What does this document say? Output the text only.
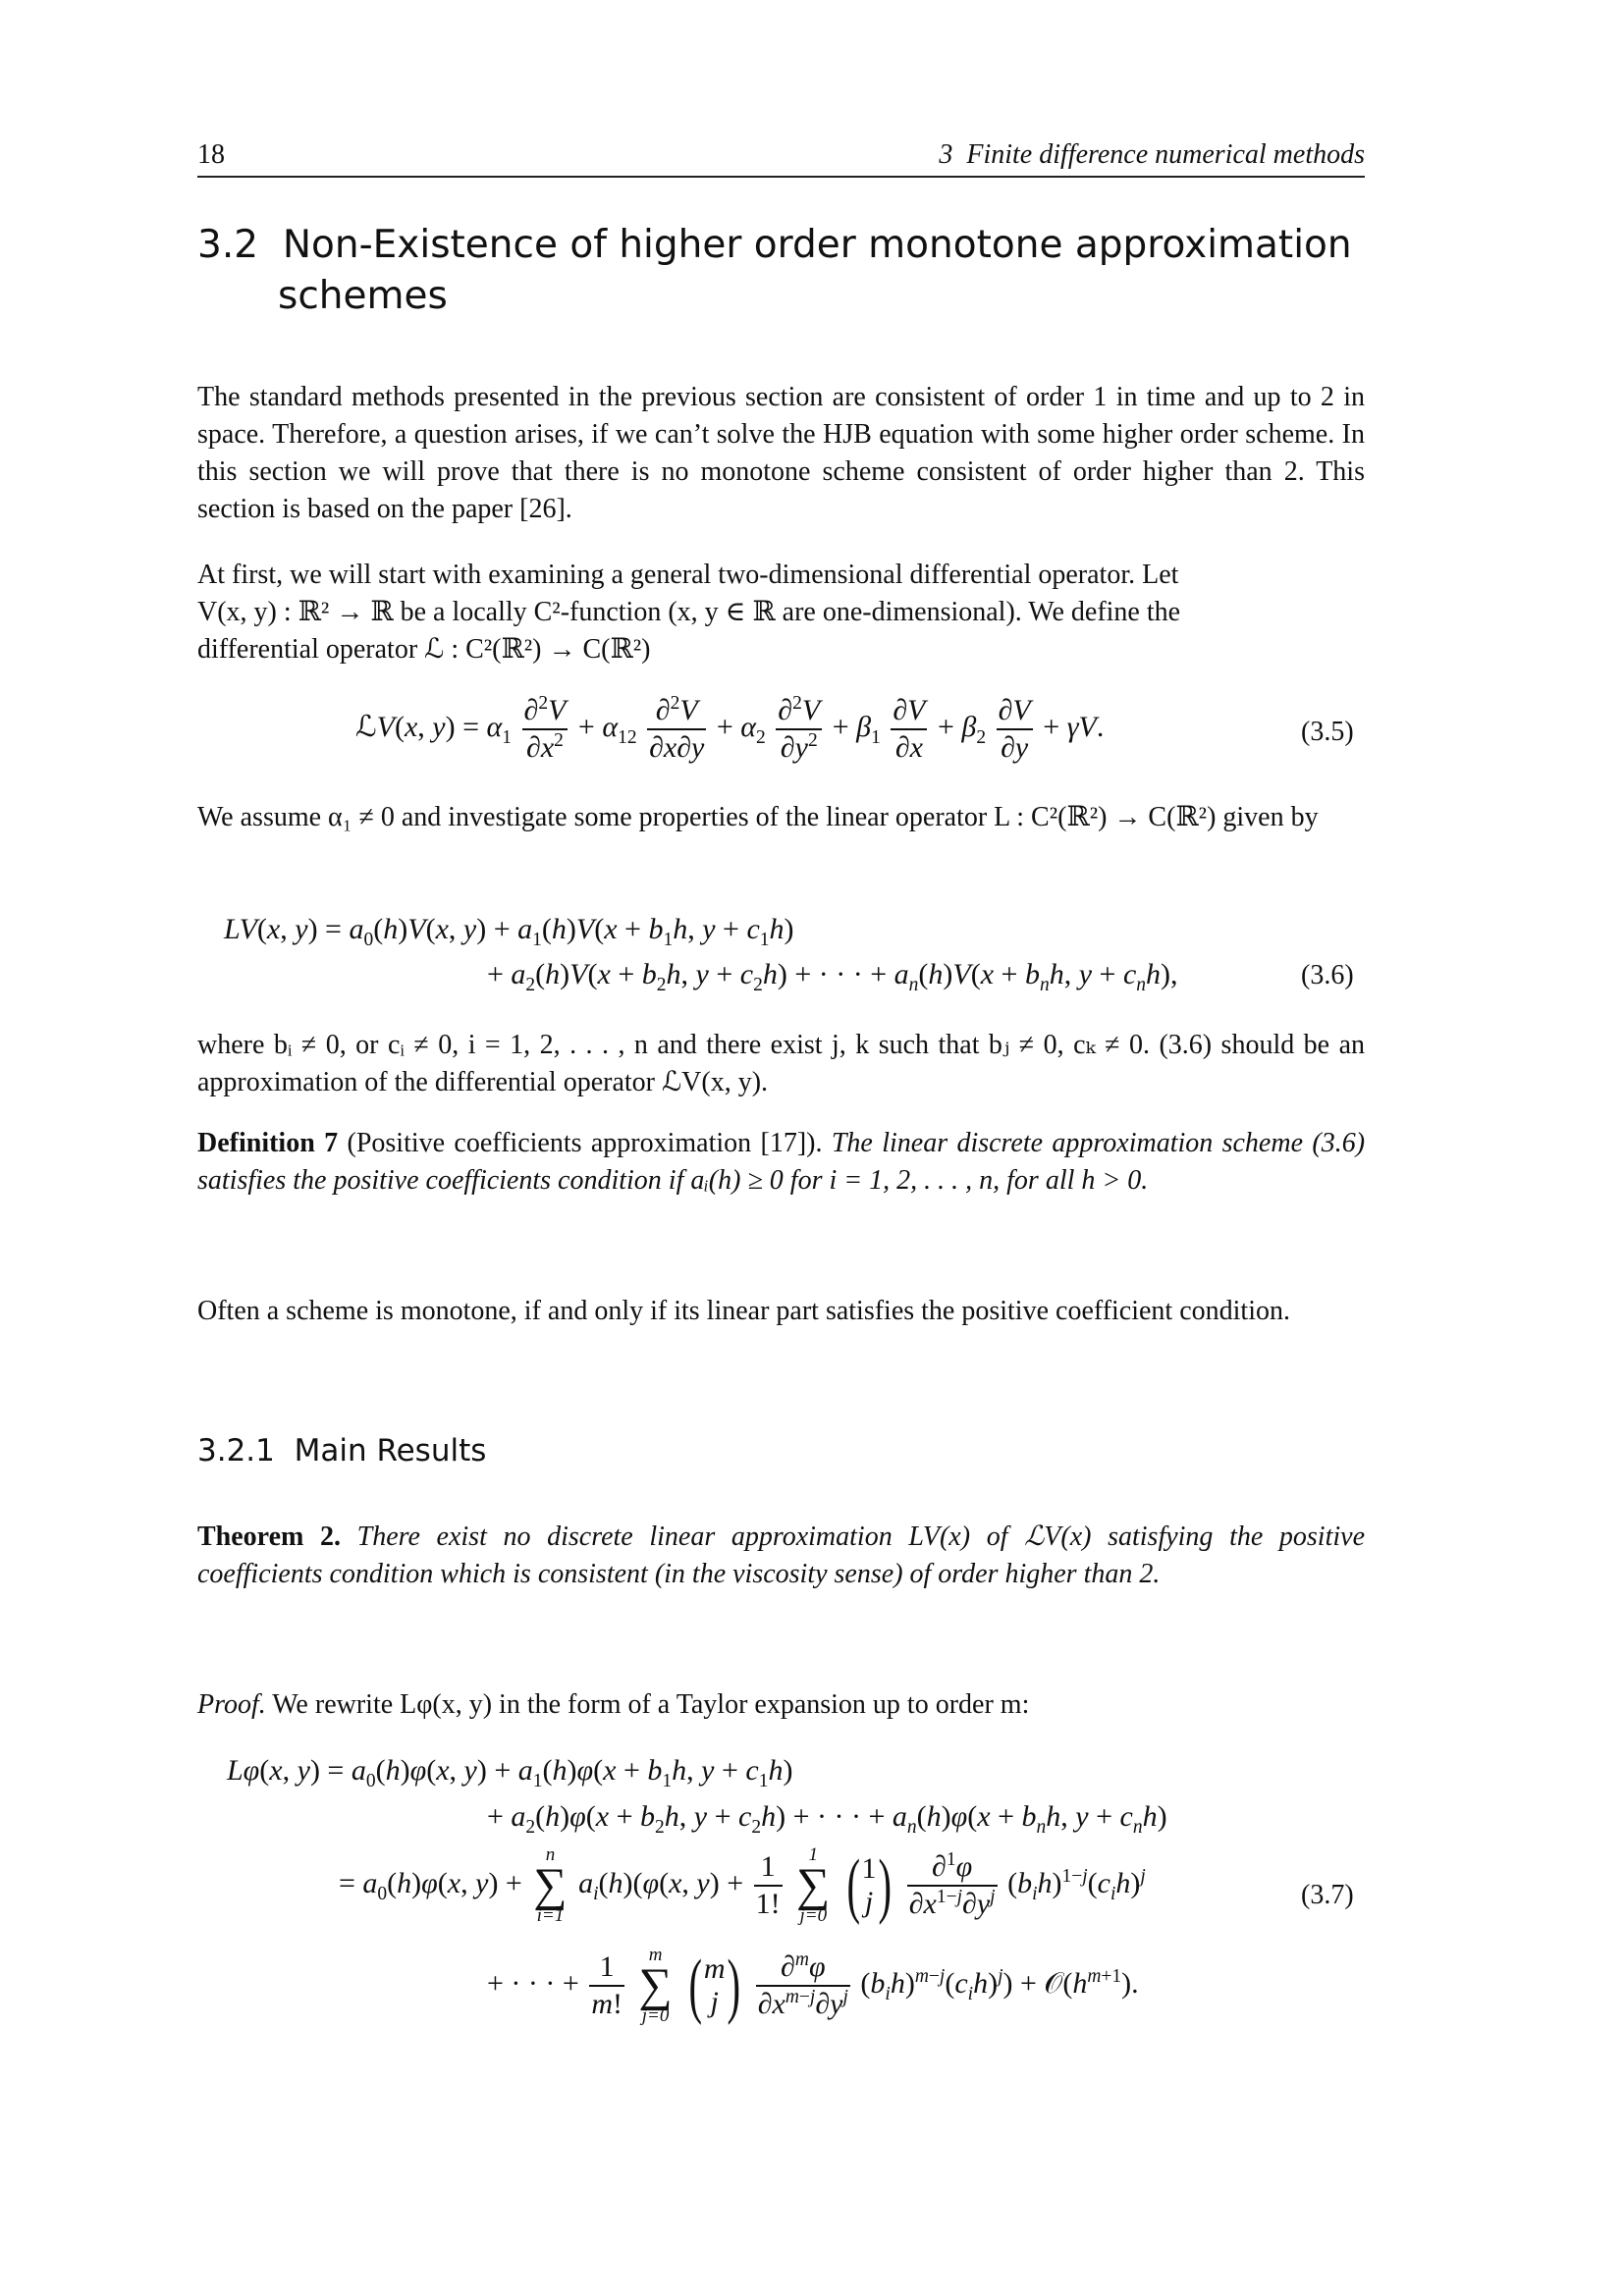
18	3  Finite difference numerical methods
3.2  Non-Existence of higher order monotone approximation
schemes
The standard methods presented in the previous section are consistent of order 1 in time and up to 2 in space. Therefore, a question arises, if we can’t solve the HJB equation with some higher order scheme. In this section we will prove that there is no monotone scheme consistent of order higher than 2. This section is based on the paper [26].
At first, we will start with examining a general two-dimensional differential operator. Let
V(x, y) : ℝ² → ℝ be a locally C²-function (x, y ∈ ℝ are one-dimensional). We define the
differential operator ℒ : C²(ℝ²) → C(ℝ²)
ℒV(x, $y) = \alpha_1 \frac{\partial^2V}{\partial x^2} + \alpha_{12} \frac{\partial^2V}{\partial x\partial y} + \alpha_2 \frac{\partial^2V}{\partial y^2} + \beta_1 \frac{\partial V}{\partial x} + \beta_2 \frac{\partial V}{\partial y} + \gamma V$.	(3.5)
We assume α₁ ≠ 0 and investigate some properties of the linear operator L : C²(ℝ²) → C(ℝ²) given by
LV(x, $y) = a_0(h)V(x$, $y) + a_1(h)V(x + b_1h$, $y + c_1h$)
+ $a_2(h)V(x + b_2h$, $y + c_2h$) + · · · + $a_n(h)V(x + b_nh$, $y + c_nh$),	(3.6)
where bᵢ ≠ 0, or cᵢ ≠ 0, i = 1, 2, . . . , n and there exist j, k such that bⱼ ≠ 0, cₖ ≠ 0. (3.6) should be an approximation of the differential operator ℒV(x, y).
Definition 7 (Positive coefficients approximation [17]). The linear discrete approximation scheme (3.6) satisfies the positive coefficients condition if aᵢ(h) ≥ 0 for i = 1, 2, . . . , n, for all h > 0.
Often a scheme is monotone, if and only if its linear part satisfies the positive coefficient condition.
3.2.1  Main Results
Theorem 2. There exist no discrete linear approximation LV(x) of ℒV(x) satisfying the positive coefficients condition which is consistent (in the viscosity sense) of order higher than 2.
Proof. We rewrite Lφ(x, y) in the form of a Taylor expansion up to order m:
Lφ(x, $y) = a_0(h)\varphi(x$, $y) + a_1(h)\varphi(x + b_1h$, $y + c_1h$)
+ $a_2(h)\varphi(x + b_2h$, $y + c_2h$) + · · · + $a_n(h)\varphi(x + b_nh$, $y + c_nh$)
= $a_0(h)\varphi(x$, y) +
n
∑
i=1
$a_i(h)(\varphi(x$, $y) + \frac{1}{1!}$
	1
∑
j=0 ( 1
j ) $\frac{\partial^1\varphi}{\partial x^{1-j}\partial y^j} (b_ih)^{1-j}(c_ih)^j$
(3.7)
+ · · · + $\frac{1}{m!}$
	m
∑
j=0 ( m
j ) $\frac{\partial^m\varphi}{\partial x^{m-j}\partial y^j} (b_ih)^{m-j}(c_ih)^j$) + $𝒪(h^{m+1})$.
